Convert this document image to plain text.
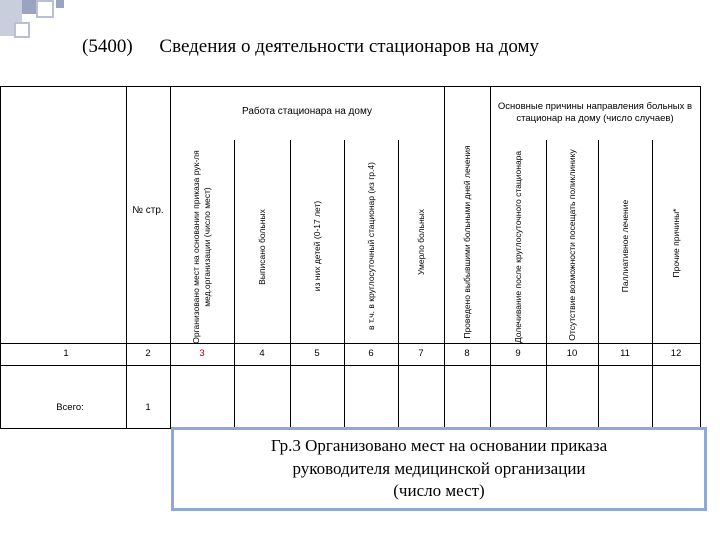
(5400) Сведения о деятельности стационаров на дому
Работа стационара на дому	Основные причины направления больных в стационар на дому (число случаев)
№ стр.	Организовано мест на основании приказа рук-ля мед.организации (число мест)	Выписано больных	из них детей (0-17 лет)	в т.ч. в круглосуточный стационар (из гр.4)	Умерло больных	Проведено выбывшими больными дней лечения	Долечивание после круглосуточного стационара	Отсутствие возможности посещать поликлинику	Паллиативное лечение	Прочие причины*
1	2	3	4	5	6	7	8	9	10	11	12
Всего:	1
Гр.3 Организовано мест на основании приказа
руководителя медицинской организации
(число мест)
